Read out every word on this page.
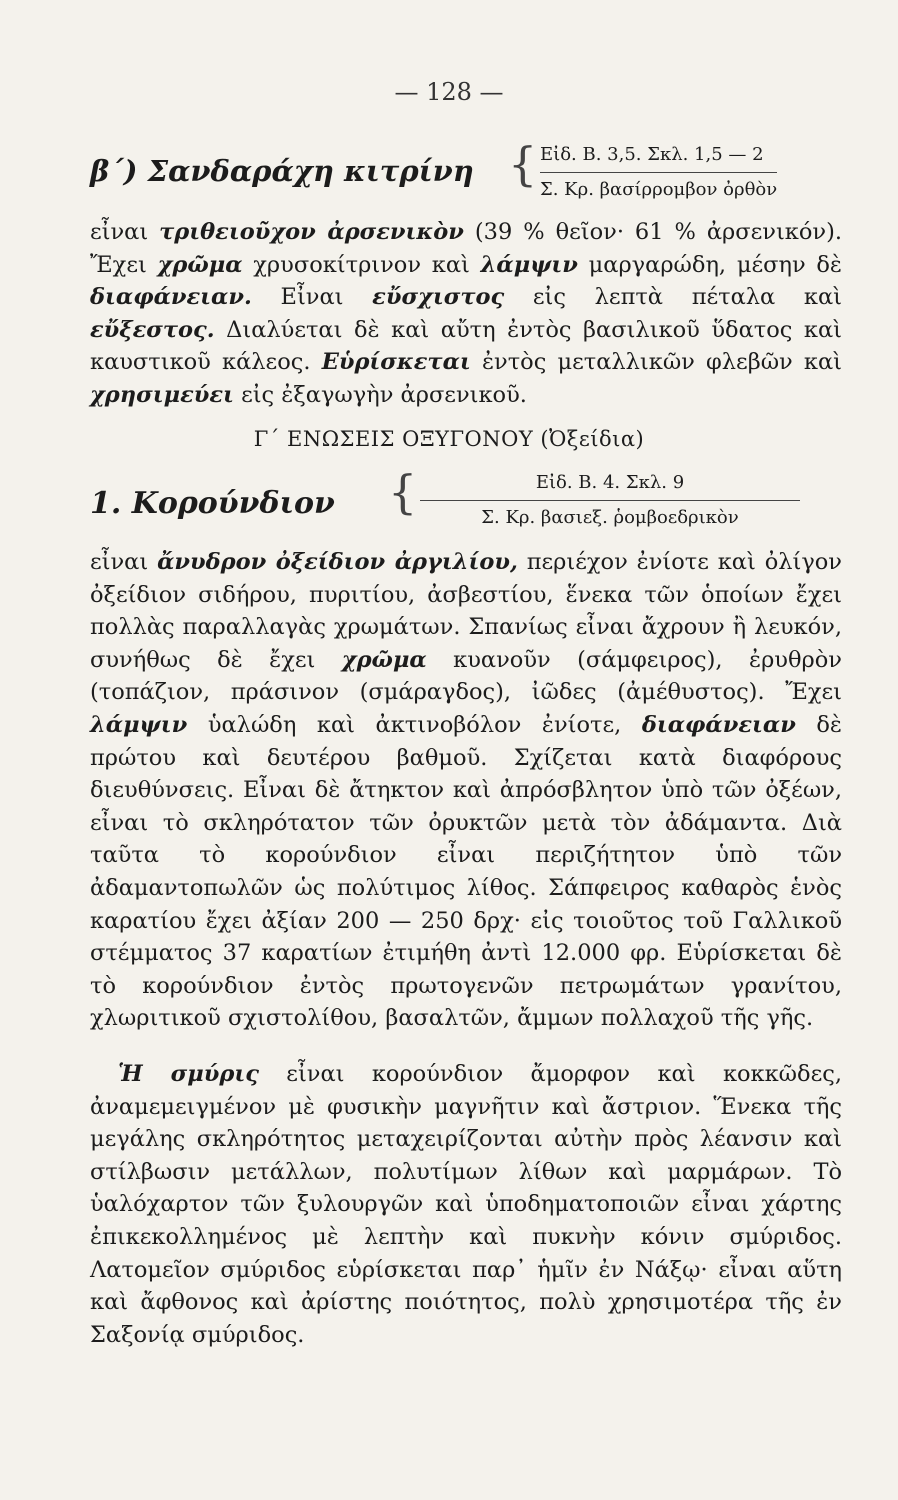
— 128 —
β΄) Σανδαράχη κιτρίνη { Εἰδ. Β. 3,5. Σκλ. 1,5 — 2
Σ. Κρ. βασίρρομβον ὀρθὸν
εἶναι τριθειοῦχον ἀρσενικὸν (39 % θεῖον· 61 % ἀρσενικόν). Ἔχει χρῶμα χρυσοκίτρινον καὶ λάμψιν μαργαρώδη, μέσην δὲ διαφάνειαν. Εἶναι εὔσχιστος εἰς λεπτὰ πέταλα καὶ εὔξεστος. Διαλύεται δὲ καὶ αὔτη ἐντὸς βασιλικοῦ ὕδατος καὶ καυστικοῦ κάλεος. Εὑρίσκεται ἐντὸς μεταλλικῶν φλεβῶν καὶ χρησιμεύει εἰς ἐξαγωγὴν ἀρσενικοῦ.
Γ΄ ΕΝΩΣΕΙΣ ΟΞΥΓΟΝΟΥ (Ὀξείδια)
1. Κορούνδιον {	Εἰδ. Β. 4. Σκλ. 9
Σ. Κρ. βασιεξ. ῥομβοεδρικὸν
εἶναι ἄνυδρον ὀξείδιον ἀργιλίου, περιέχον ἐνίοτε καὶ ὀλίγον ὀξείδιον σιδήρου, πυριτίου, ἀσβεστίου, ἕνεκα τῶν ὁποίων ἔχει πολλὰς παραλλαγὰς χρωμάτων. Σπανίως εἶναι ἄχρουν ἢ λευκόν, συνήθως δὲ ἔχει χρῶμα κυανοῦν (σάμφειρος), ἐρυθρὸν (τοπάζιον, πράσινον (σμάραγδος), ἰῶδες (ἀμέθυστος). Ἔχει λάμψιν ὑαλώδη καὶ ἀκτινοβόλον ἐνίοτε, διαφάνειαν δὲ πρώτου καὶ δευτέρου βαθμοῦ. Σχίζεται κατὰ διαφόρους διευθύνσεις. Εἶναι δὲ ἄτηκτον καὶ ἀπρόσβλητον ὑπὸ τῶν ὀξέων, εἶναι τὸ σκληρότατον τῶν ὀρυκτῶν μετὰ τὸν ἀδάμαντα. Διὰ ταῦτα τὸ κορούνδιον εἶναι περιζήτητον ὑπὸ τῶν ἀδαμαντοπωλῶν ὡς πολύτιμος λίθος. Σάπφειρος καθαρὸς ἑνὸς καρατίου ἔχει ἀξίαν 200 — 250 δρχ· εἰς τοιοῦτος τοῦ Γαλλικοῦ στέμματος 37 καρατίων ἐτιμήθη ἀντὶ 12.000 φρ. Εὑρίσκεται δὲ τὸ κορούνδιον ἐντὸς πρωτογενῶν πετρωμάτων γρανίτου, χλωριτικοῦ σχιστολίθου, βασαλτῶν, ἄμμων πολλαχοῦ τῆς γῆς.
Ἡ σμύρις εἶναι κορούνδιον ἄμορφον καὶ κοκκῶδες, ἀναμεμειγμένον μὲ φυσικὴν μαγνῆτιν καὶ ἄστριον. Ἕνεκα τῆς μεγάλης σκληρότητος μεταχειρίζονται αὐτὴν πρὸς λέανσιν καὶ στίλβωσιν μετάλλων, πολυτίμων λίθων καὶ μαρμάρων. Τὸ ὑαλόχαρτον τῶν ξυλουργῶν καὶ ὑποδηματοποιῶν εἶναι χάρτης ἐπικεκολλημένος μὲ λεπτὴν καὶ πυκνὴν κόνιν σμύριδος. Λατομεῖον σμύριδος εὑρίσκεται παρ᾽ ἡμῖν ἐν Νάξῳ· εἶναι αὕτη καὶ ἄφθονος καὶ ἀρίστης ποιότητος, πολὺ χρησιμοτέρα τῆς ἐν Σαξονίᾳ σμύριδος.
